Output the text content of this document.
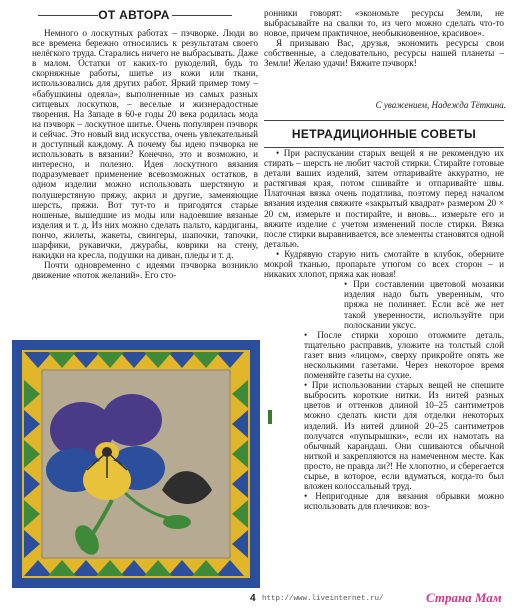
ОТ АВТОРА

Немного о лоскутных работах – пэчворке. Люди во все времена бережно относились к результатам своего нелёгкого труда. Старались ничего не выбрасывать. Даже в малом. Остатки от каких-то рукоделий, будь то скорняжные работы, шитье из кожи или ткани, использовались для других работ. Яркий пример тому – «бабушкины одеяла», выполненные из самых разных ситцевых лоскутков, – веселые и жизнерадостные творения. На Западе в 60-е годы 20 века родилась мода на пэчворк – лоскутное шитье. Очень популярен пэчворк и сейчас. Это новый вид искусства, очень увлекательный и доступный каждому. А почему бы идею пэчворка не использовать в вязании? Конечно, это и возможно, и интересно, и полезно. Идея лоскутного вязания подразумевает применение всевозможных остатков, в одном изделии можно использовать шерстяную и полушерстяную пряжу, акрил и другие, заменяющие шерсть, пряжи. Вот тут-то и пригодятся старые ношеные, вышедшие из моды или надоевшие вязаные изделия и т. д. Из них можно сделать пальто, кардиганы, пончо, жилеты, жакеты, свингеры, шапочки, тапочки, шарфики, рукавички, джурабы, коврики на стену, накидки на кресла, подушки на диван, пледы и т. д.

Почти одновременно с идеями пэчворка возникло движение «поток желаний». Его сто-

ронники говорят: «экономьте ресурсы Земли, не выбрасывайте на свалки то, из чего можно сделать что-то новое, причем практичное, необыкновенное, красивое».

Я призываю Вас, друзья, экономить ресурсы свои собственные, а следовательно, ресурсы нашей планеты – Земли! Желаю удачи! Вяжите пэчворк!

С уважением, Надежда Тёткина.
НЕТРАДИЦИОННЫЕ СОВЕТЫ

• При распускании старых вещей я не рекомендую их стирать – шерсть не любит частой стирки. Стирайте готовые детали ваших изделий, затем отпаривайте аккуратно, не растягивая края, потом сшивайте и отпаривайте швы. Платочная вязка очень податлива, поэтому перед началом вязания изделия свяжите «закрытый квадрат» размером 20 × 20 см, измерьте и постирайте, и вновь... измерьте его и вяжите изделие с учетом изменений после стирки. Вязка после стирки выравнивается, все элементы становятся одной деталью.

• Кудрявую старую нить смотайте в клубок, оберните мокрой тканью, пропарьте утюгом со всех сторон – и никаких хлопот, пряжа как новая!

• При составлении цветовой мозаики изделия надо быть уверенным, что пряжа не полиняет. Если всё же нет такой уверенности, используйте при полоскании уксус.

• После стирки хорошо отожмите деталь, тщательно расправив, уложите на толстый слой газет вниз «лицом», сверху прикройте опять же несколькими газетами. Через некоторое время поменяйте газеты на сухие.

• При использовании старых вещей не спешите выбросить короткие нитки. Из нитей разных цветов и оттенков длиной 10–25 сантиметров можно сделать кисти для отделки некоторых изделий. Из нитей длиной 20–25 сантиметров получатся «пупырышки», если их намотать на обычный карандаш. Они сшиваются обычной ниткой и закрепляются на намеченном месте. Как просто, не правда ли?! Не хлопотно, и сберегается сырье, в которое, если вдуматься, когда-то был вложен колоссальный труд.

• Непригодные для вязания обрывки можно использовать для плечиков: воз-

4 http://www.liveinternet.ru/	Страна Мам
